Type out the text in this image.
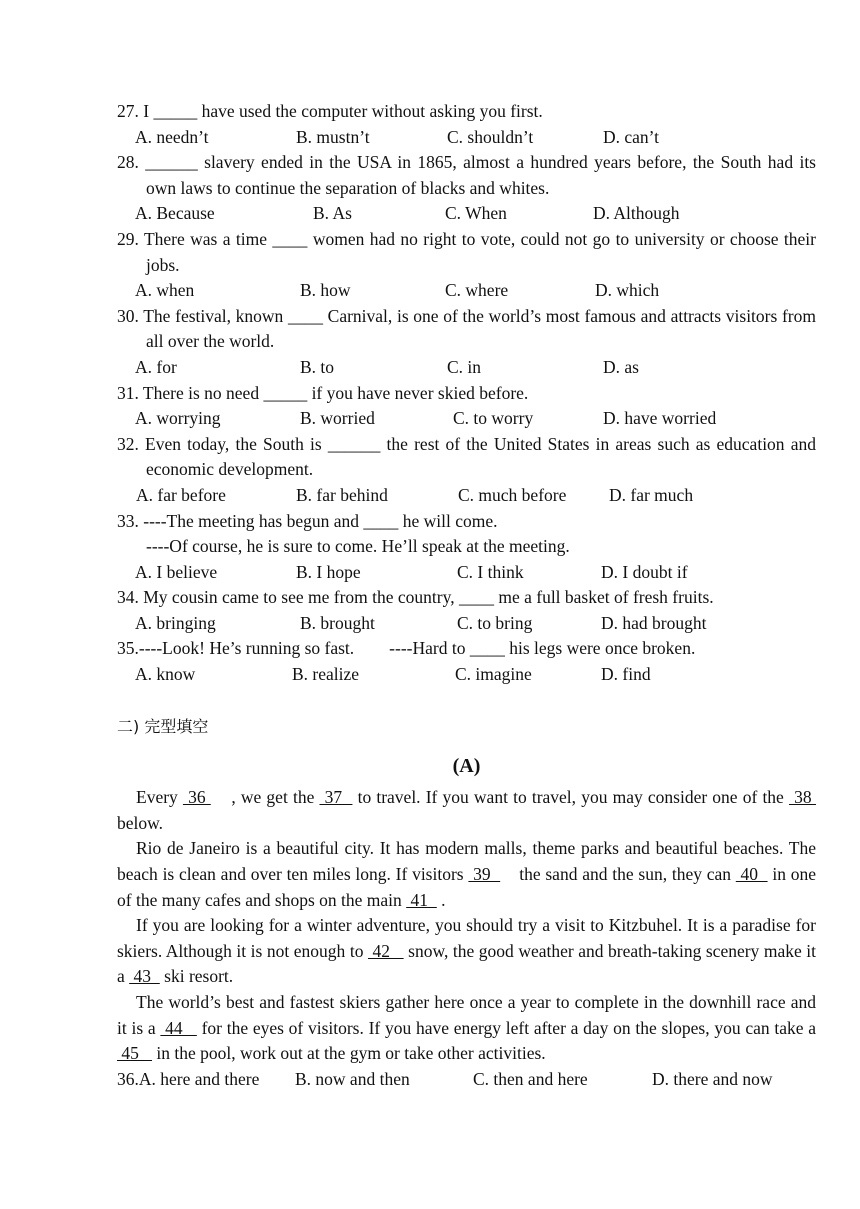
27. I _____ have used the computer without asking you first.
A. needn’t	B. mustn’t	C. shouldn’t	D. can’t
28. ______ slavery ended in the USA in 1865, almost a hundred years before, the South had its own laws to continue the separation of blacks and whites.
A. Because	B. As	C. When	D. Although
29. There was a time ____ women had no right to vote, could not go to university or choose their jobs.
A. when	B. how	C. where	D. which
30. The festival, known ____ Carnival, is one of the world’s most famous and attracts visitors from all over the world.
A. for	B. to	C. in	D. as
31. There is no need _____ if you have never skied before.
A. worrying	B. worried	C. to worry	D. have worried
32. Even today, the South is ______ the rest of the United States in areas such as education and economic development.
A. far before	B. far behind	C. much before D. far much
33. ----The meeting has begun and ____ he will come.
----Of course, he is sure to come. He’ll speak at the meeting.
A. I believe	B. I hope	C. I think	D. I doubt if
34. My cousin came to see me from the country, ____ me a full basket of fresh fruits.
A. bringing	B. brought	C. to bring	D. had brought
35.----Look! He’s running so fast.        ----Hard to ____ his legs were once broken.
A. know	B. realize	C. imagine	D. find
二) 完型填空
(A)

Every  36     , we get the  37   to travel. If you want to travel, you may consider one of the  38  below.

Rio de Janeiro is a beautiful city. It has modern malls, theme parks and beautiful beaches. The beach is clean and over ten miles long. If visitors  39      the sand and the sun, they can  40   in one of the many cafes and shops on the main  41   .

If you are looking for a winter adventure, you should try a visit to Kitzbuhel. It is a paradise for skiers. Although it is not enough to  42    snow, the good weather and breath-taking scenery make it a  43   ski resort.

The world’s best and fastest skiers gather here once a year to complete in the downhill race and it is a  44    for the eyes of visitors. If you have energy left after a day on the slopes, you can take a  45    in the pool, work out at the gym or take other activities.

36.A. here and there B. now and then	C. then and here	D. there and now
